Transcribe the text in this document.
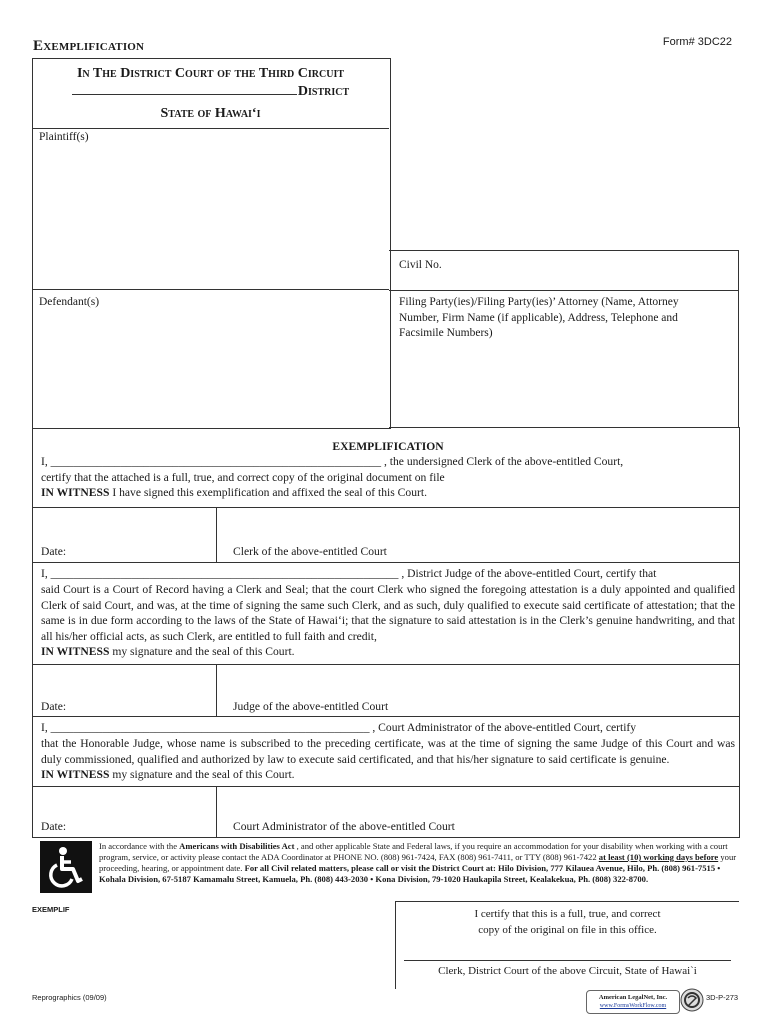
Exemplification	Form# 3DC22
In The District Court of the Third Circuit
District
State of Hawai‘i
Plaintiff(s)
Defendant(s)
Civil No.
Filing Party(ies)/Filing Party(ies)’ Attorney (Name, Attorney Number, Firm Name (if applicable), Address, Telephone and Facsimile Numbers)
EXEMPLIFICATION
I, _________________________________________________________ , the undersigned Clerk of the above-entitled Court,
certify that the attached is a full, true, and correct copy of the original document on file
IN WITNESS I have signed this exemplification and affixed the seal of this Court.
Date:	Clerk of the above-entitled Court
I, ____________________________________________________________ , District Judge of the above-entitled Court, certify that
said Court is a Court of Record having a Clerk and Seal; that the court Clerk who signed the foregoing attestation is a duly appointed and qualified Clerk of said Court, and was, at the time of signing the same such Clerk, and as such, duly qualified to execute said certificate of attestation; that the same is in due form according to the laws of the State of Hawai‘i; that the signature to said attestation is in the Clerk’s genuine handwriting, and that all his/her official acts, as such Clerk, are entitled to full faith and credit,
IN WITNESS my signature and the seal of this Court.
Date:	Judge of the above-entitled Court
I, _______________________________________________________ , Court Administrator of the above-entitled Court, certify
that the Honorable Judge, whose name is subscribed to the preceding certificate, was at the time of signing the same Judge of this Court and was duly commissioned, qualified and authorized by law to execute said certificated, and that his/her signature to said certificate is genuine.
IN WITNESS my signature and the seal of this Court.
Date:	Court Administrator of the above-entitled Court
In accordance with the Americans with Disabilities Act , and other applicable State and Federal laws, if you require an accommodation for your disability when working with a court program, service, or activity please contact the ADA Coordinator at PHONE NO. (808) 961-7424, FAX (808) 961-7411, or TTY (808) 961-7422 at least (10) working days before your proceeding, hearing, or appointment date. For all Civil related matters, please call or visit the District Court at: Hilo Division, 777 Kilauea Avenue, Hilo, Ph. (808) 961-7515 • Kohala Division, 67-5187 Kamamalu Street, Kamuela, Ph. (808) 443-2030 • Kona Division, 79-1020 Haukapila Street, Kealakekua, Ph. (808) 322-8700.
EXEMPLIF	I certify that this is a full, true, and correct
copy of the original on file in this office.
Clerk, District Court of the above Circuit, State of Hawai`i
Reprographics (09/09)	American LegalNet, Inc.
www.FormsWorkFlow.com
3D-P-273
